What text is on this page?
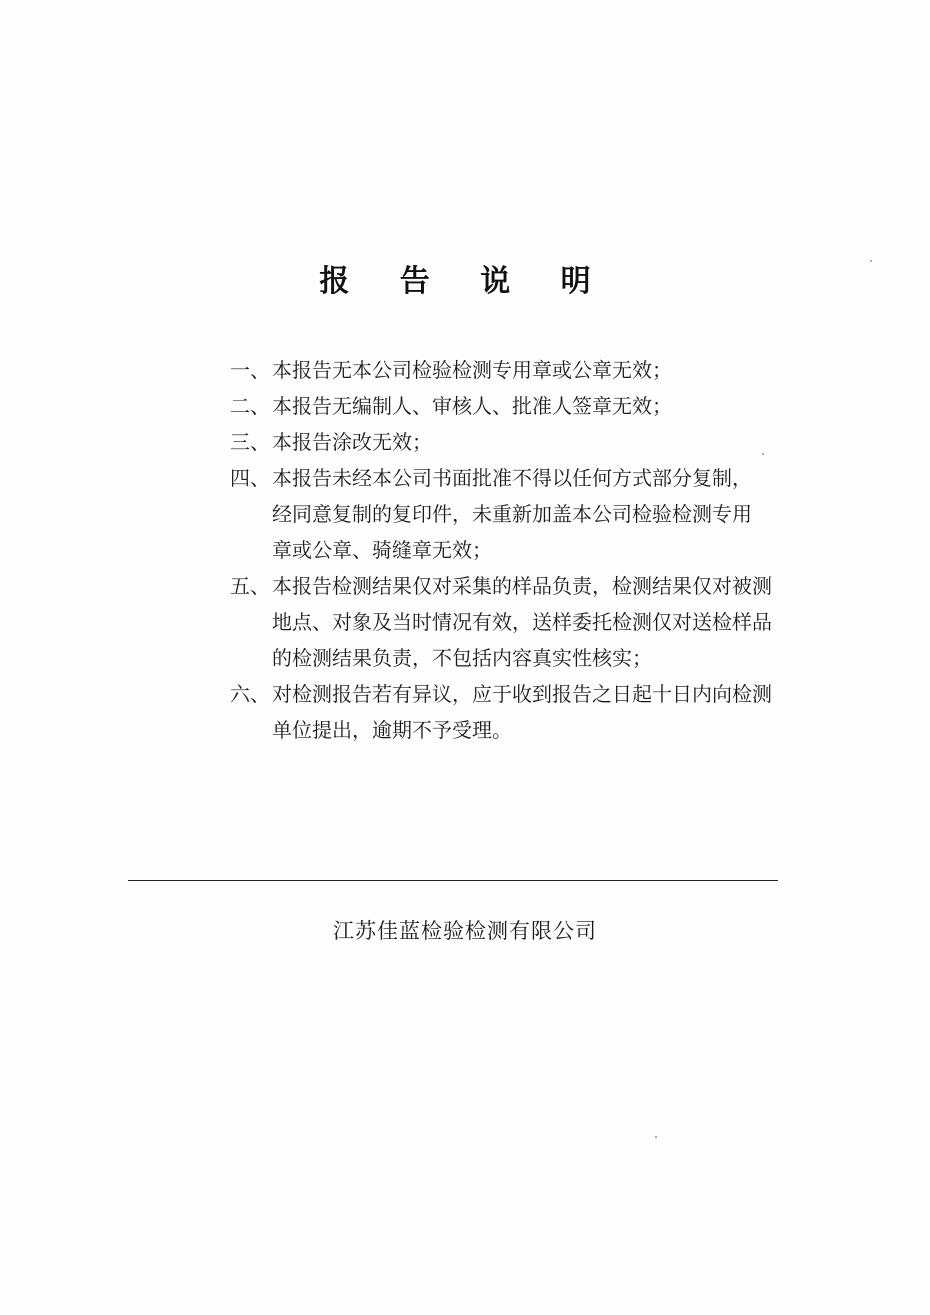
报 告 说 明
一、 本报告无本公司检验检测专用章或公章无效；
二、 本报告无编制人、审核人、批准人签章无效；
三、 本报告涂改无效；
四、 本报告未经本公司书面批准不得以任何方式部分复制，
经同意复制的复印件，未重新加盖本公司检验检测专用
章或公章、骑缝章无效；
五、 本报告检测结果仅对采集的样品负责，检测结果仅对被测
地点、对象及当时情况有效，送样委托检测仅对送检样品
的检测结果负责，不包括内容真实性核实；
六、 对检测报告若有异议，应于收到报告之日起十日内向检测
单位提出，逾期不予受理。
江苏佳蓝检验检测有限公司
